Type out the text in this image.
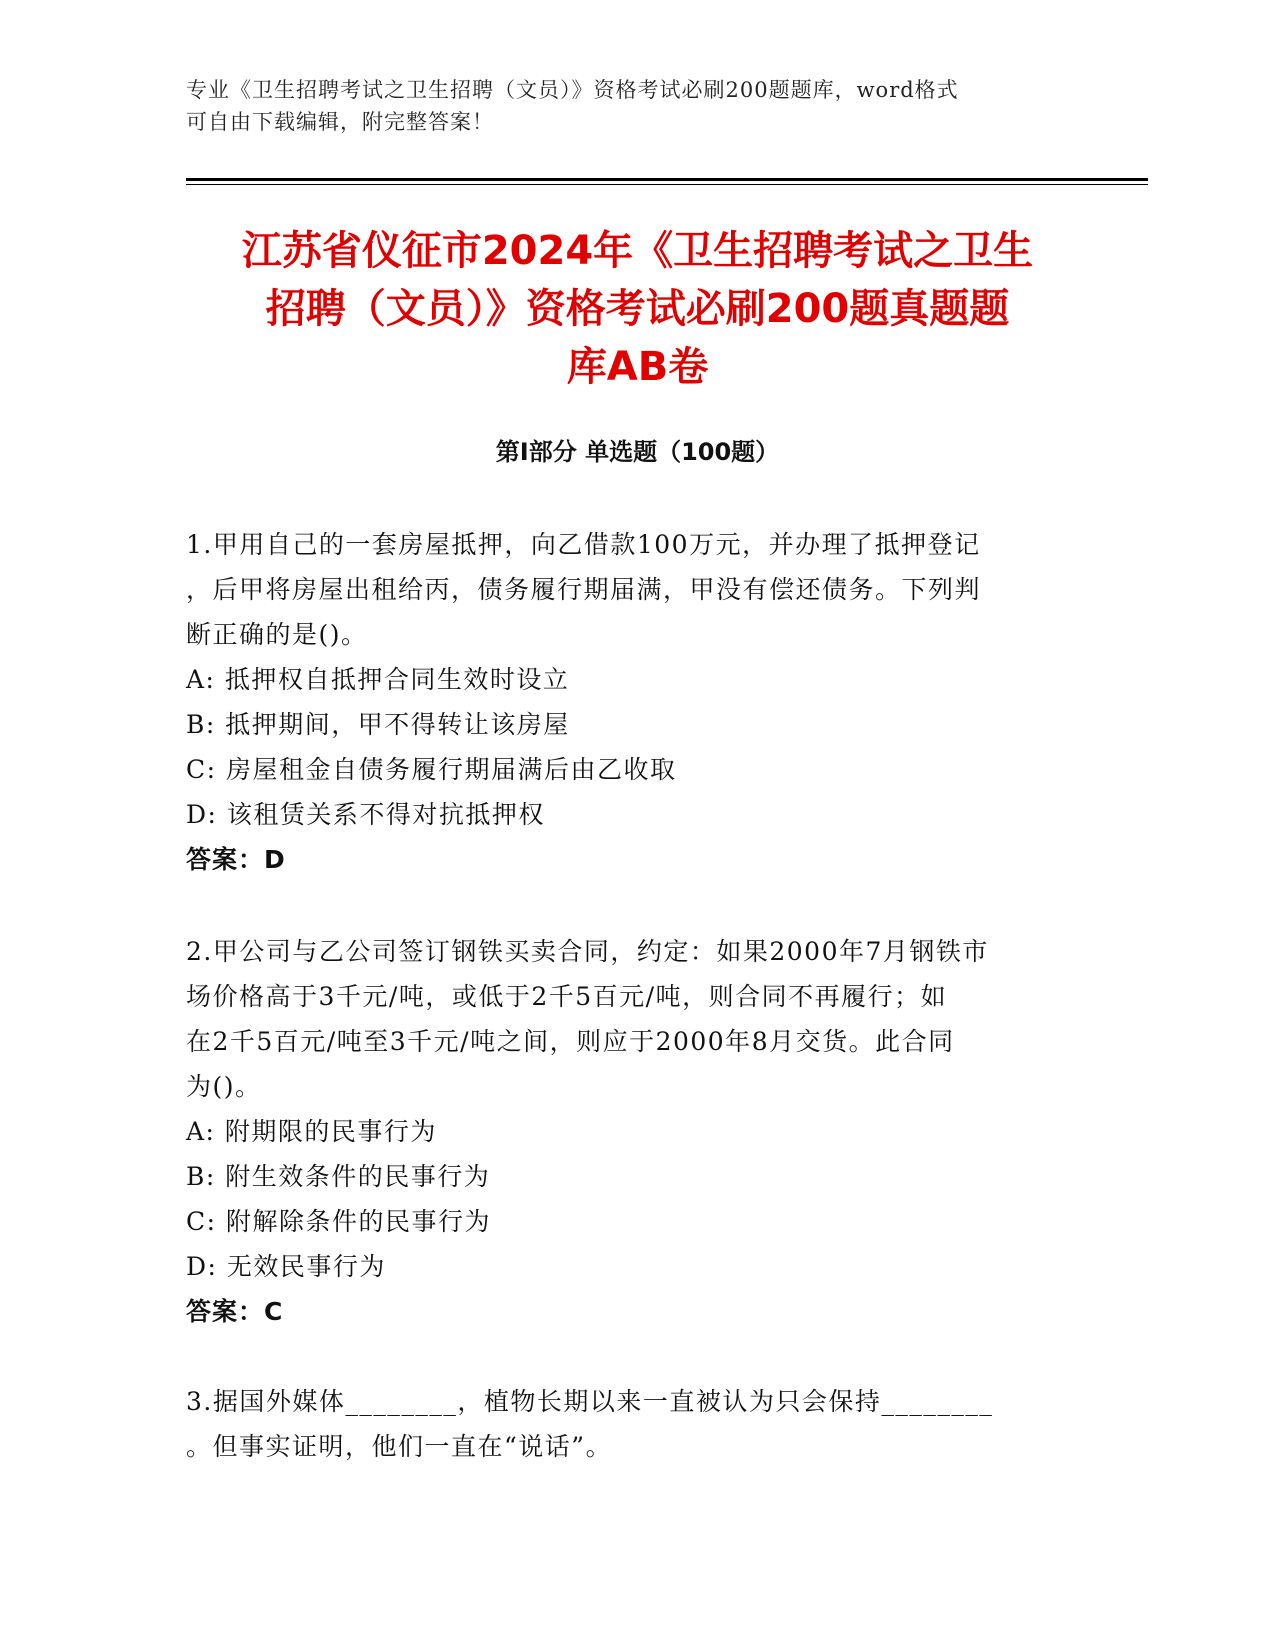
专业《卫生招聘考试之卫生招聘（文员）》资格考试必刷200题题库，word格式
可自由下载编辑，附完整答案！
江苏省仪征市2024年《卫生招聘考试之卫生
招聘（文员）》资格考试必刷200题真题题
库AB卷
第Ⅰ部分 单选题（100题）
1.甲用自己的一套房屋抵押，向乙借款100万元，并办理了抵押登记
，后甲将房屋出租给丙，债务履行期届满，甲没有偿还债务。下列判
断正确的是()。
A: 抵押权自抵押合同生效时设立
B: 抵押期间，甲不得转让该房屋
C: 房屋租金自债务履行期届满后由乙收取
D: 该租赁关系不得对抗抵押权
答案：D
2.甲公司与乙公司签订钢铁买卖合同，约定：如果2000年7月钢铁市
场价格高于3千元/吨，或低于2千5百元/吨，则合同不再履行；如
在2千5百元/吨至3千元/吨之间，则应于2000年8月交货。此合同
为()。
A: 附期限的民事行为
B: 附生效条件的民事行为
C: 附解除条件的民事行为
D: 无效民事行为
答案：C
3.据国外媒体________，植物长期以来一直被认为只会保持________
。但事实证明，他们一直在“说话”。
